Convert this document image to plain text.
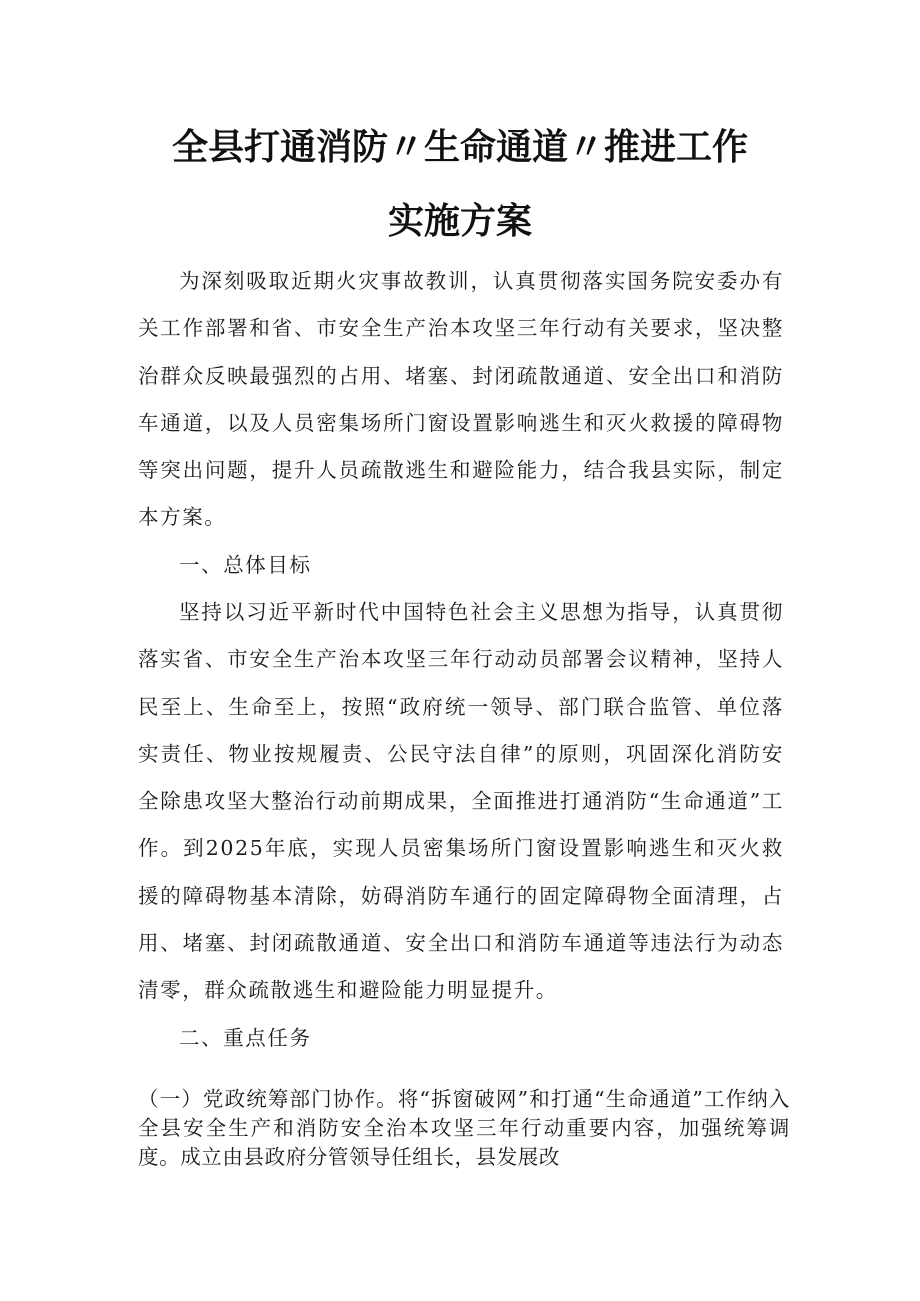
全县打通消防〃生命通道〃推进工作
实施方案

为深刻吸取近期火灾事故教训，认真贯彻落实国务院安委办有关工作部署和省、市安全生产治本攻坚三年行动有关要求，坚决整治群众反映最强烈的占用、堵塞、封闭疏散通道、安全出口和消防车通道，以及人员密集场所门窗设置影响逃生和灭火救援的障碍物等突出问题，提升人员疏散逃生和避险能力，结合我县实际，制定本方案。

一、总体目标

坚持以习近平新时代中国特色社会主义思想为指导，认真贯彻落实省、市安全生产治本攻坚三年行动动员部署会议精神，坚持人民至上、生命至上，按照“政府统一领导、部门联合监管、单位落实责任、物业按规履责、公民守法自律”的原则，巩固深化消防安全除患攻坚大整治行动前期成果，全面推进打通消防“生命通道”工作。到2025年底，实现人员密集场所门窗设置影响逃生和灭火救援的障碍物基本清除，妨碍消防车通行的固定障碍物全面清理，占用、堵塞、封闭疏散通道、安全出口和消防车通道等违法行为动态清零，群众疏散逃生和避险能力明显提升。

二、重点任务

（一）党政统筹部门协作。将“拆窗破网”和打通“生命通道”工作纳入全县安全生产和消防安全治本攻坚三年行动重要内容，加强统筹调度。成立由县政府分管领导任组长，县发展改
